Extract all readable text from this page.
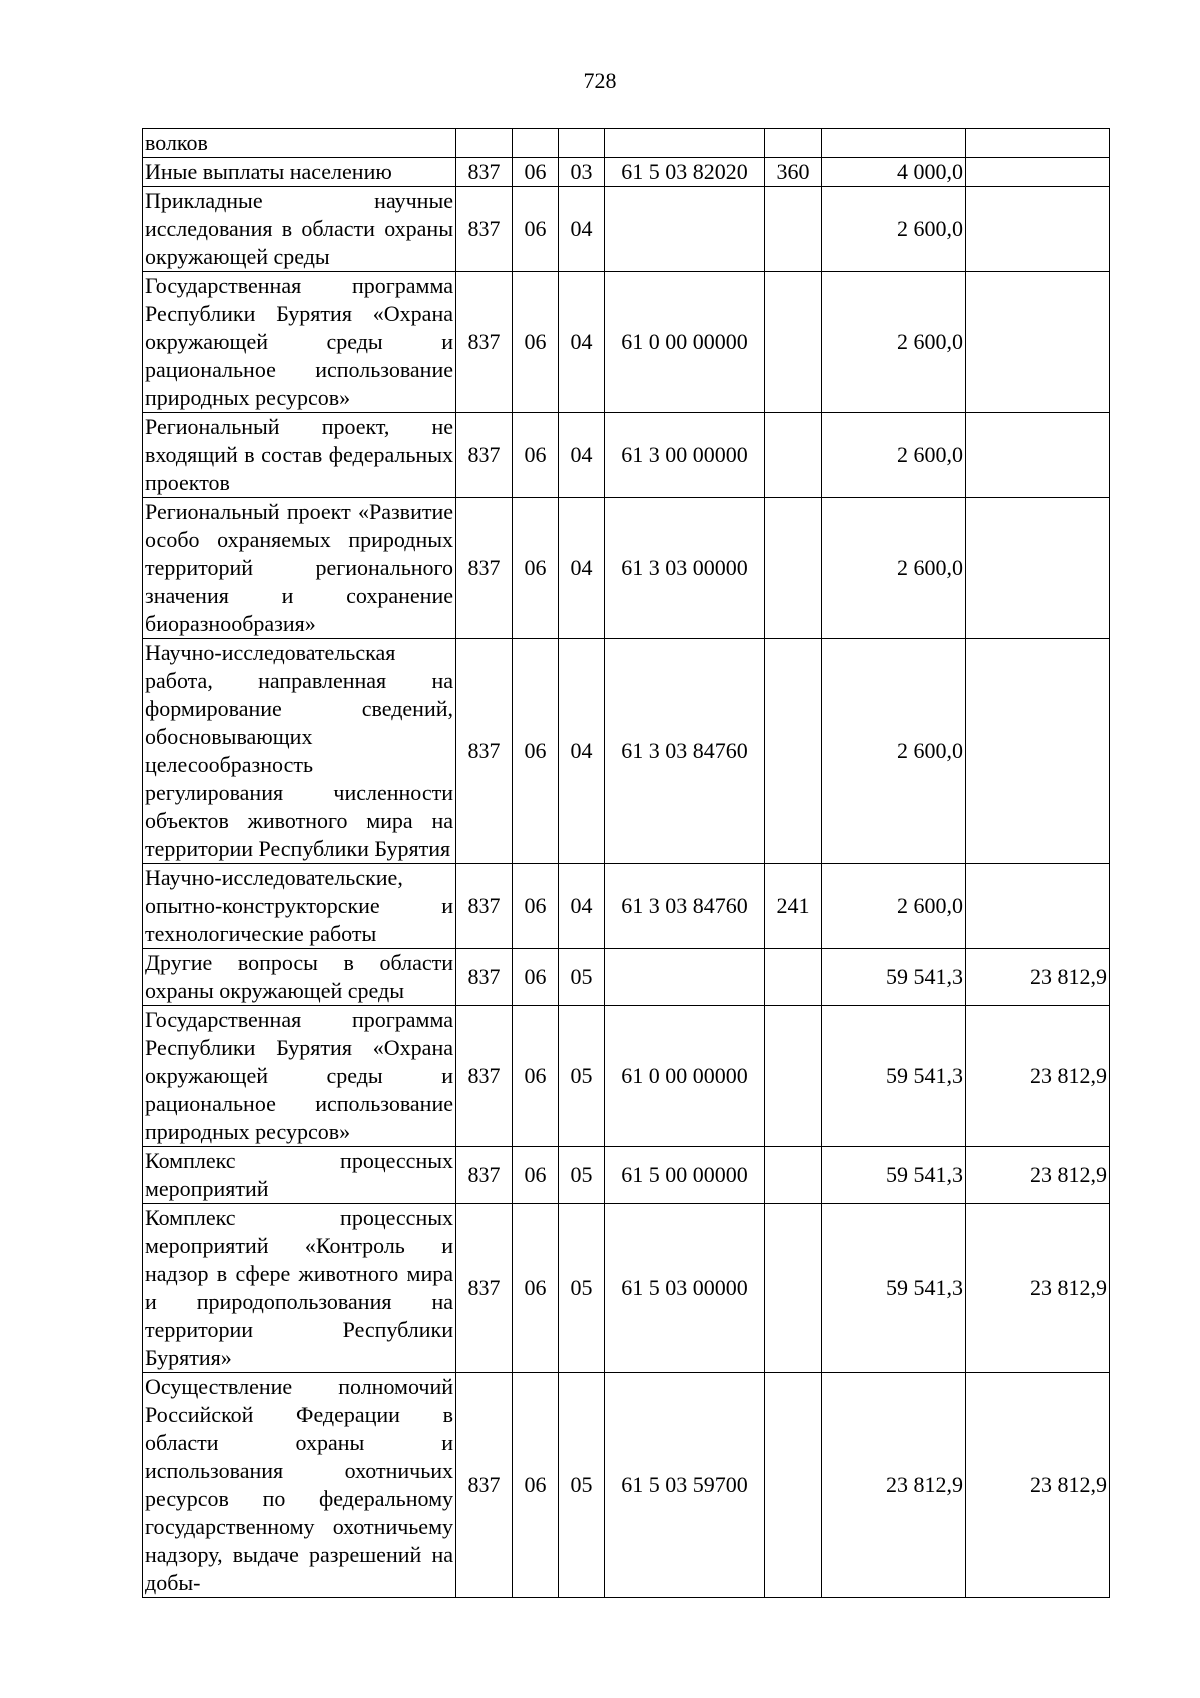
728
волков							
Иные выплаты населению	837	06	03	61 5 03 82020	360	4 000,0	
Прикладные научные исследования в области охраны окружающей среды	837	06	04			2 600,0	
Государственная программа Республики Бурятия «Охрана окружающей среды и рациональное использование природных ресурсов»	837	06	04	61 0 00 00000		2 600,0	
Региональный проект, не входящий в состав федеральных проектов	837	06	04	61 3 00 00000		2 600,0	
Региональный проект «Развитие особо охраняемых природных территорий регионального значения и сохранение биоразнообразия»	837	06	04	61 3 03 00000		2 600,0	
Научно-исследовательская работа, направленная на формирование сведений, обосновывающих целесообразность регулирования численности объектов животного мира на территории Республики Бурятия	837	06	04	61 3 03 84760		2 600,0	
Научно-исследовательские, опытно-конструкторские и технологические работы	837	06	04	61 3 03 84760	241	2 600,0	
Другие вопросы в области охраны окружающей среды	837	06	05			59 541,3	23 812,9
Государственная программа Республики Бурятия «Охрана окружающей среды и рациональное использование природных ресурсов»	837	06	05	61 0 00 00000		59 541,3	23 812,9
Комплекс процессных мероприятий	837	06	05	61 5 00 00000		59 541,3	23 812,9
Комплекс процессных мероприятий «Контроль и надзор в сфере животного мира и природопользования на территории Республики Бурятия»	837	06	05	61 5 03 00000		59 541,3	23 812,9
Осуществление полномочий Российской Федерации в области охраны и использования охотничьих ресурсов по федеральному государственному охотничьему надзору, выдаче разрешений на добы-	837	06	05	61 5 03 59700		23 812,9	23 812,9
